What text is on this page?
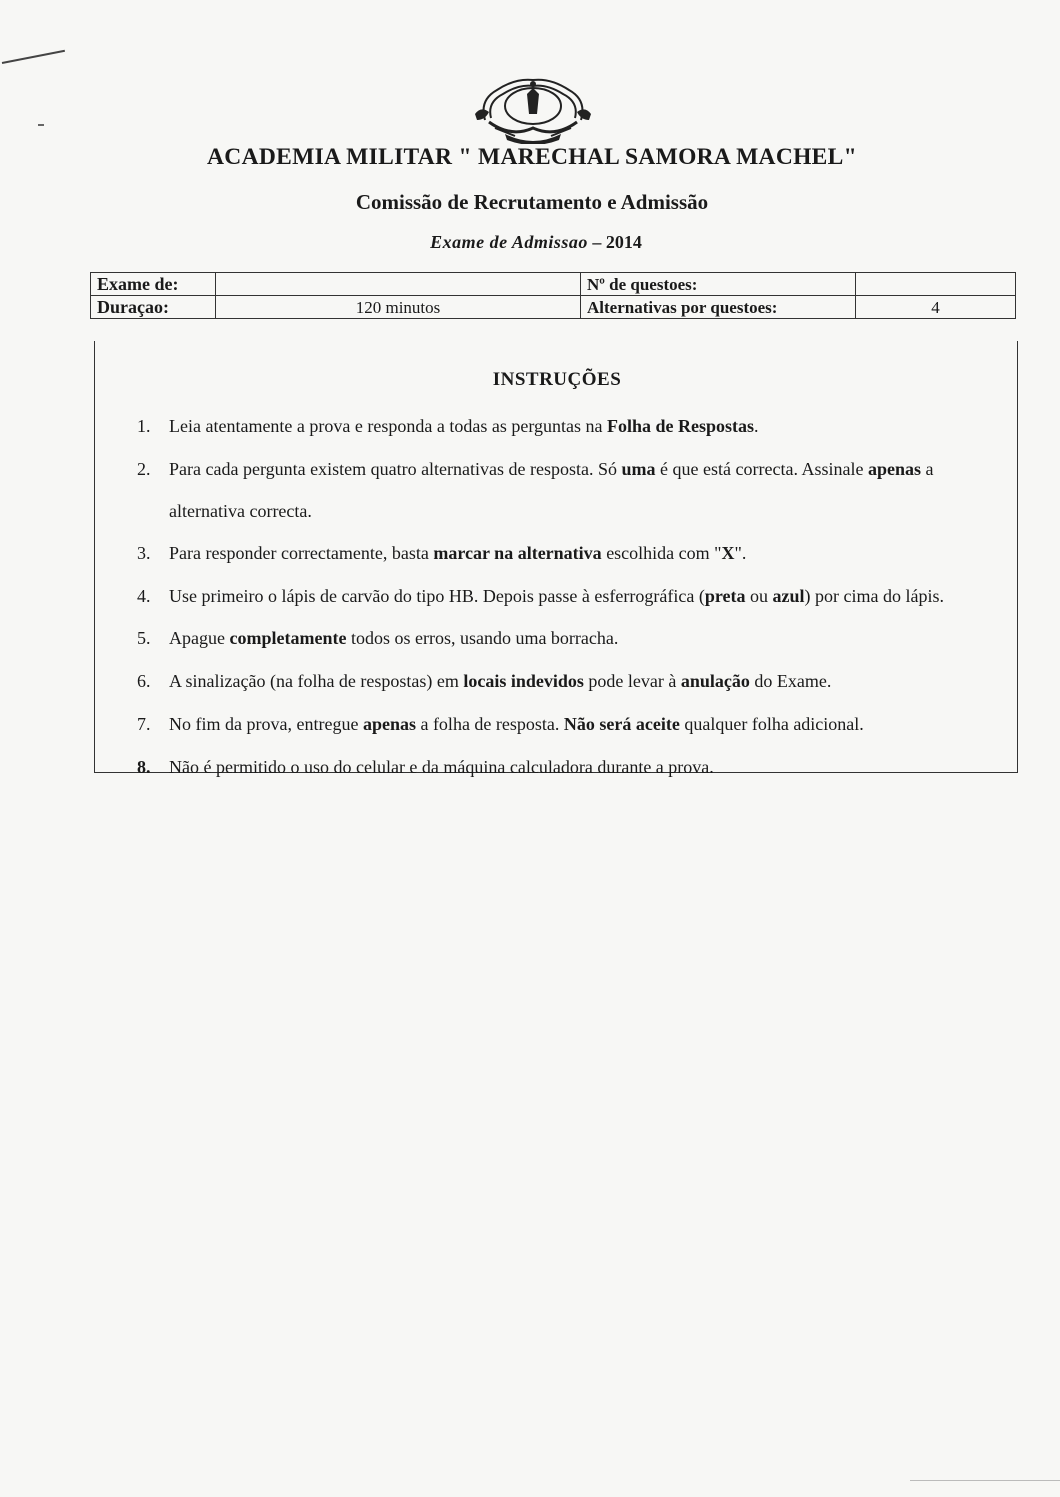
ACADEMIA MILITAR " MARECHAL SAMORA MACHEL"
Comissão de Recrutamento e Admissão
Exame de Admissao – 2014
Exame de:		Nº de questoes:	
Duraçao:	120 minutos	Alternativas por questoes:	4
INSTRUÇÕES
1. Leia atentamente a prova e responda a todas as perguntas na Folha de Respostas.
2. Para cada pergunta existem quatro alternativas de resposta. Só uma é que está correcta. Assinale apenas a alternativa correcta.
3. Para responder correctamente, basta marcar na alternativa escolhida com "X".
4. Use primeiro o lápis de carvão do tipo HB. Depois passe à esferrográfica (preta ou azul) por cima do lápis.
5. Apague completamente todos os erros, usando uma borracha.
6. A sinalização (na folha de respostas) em locais indevidos pode levar à anulação do Exame.
7. No fim da prova, entregue apenas a folha de resposta. Não será aceite qualquer folha adicional.
8. Não é permitido o uso do celular e da máquina calculadora durante a prova.
